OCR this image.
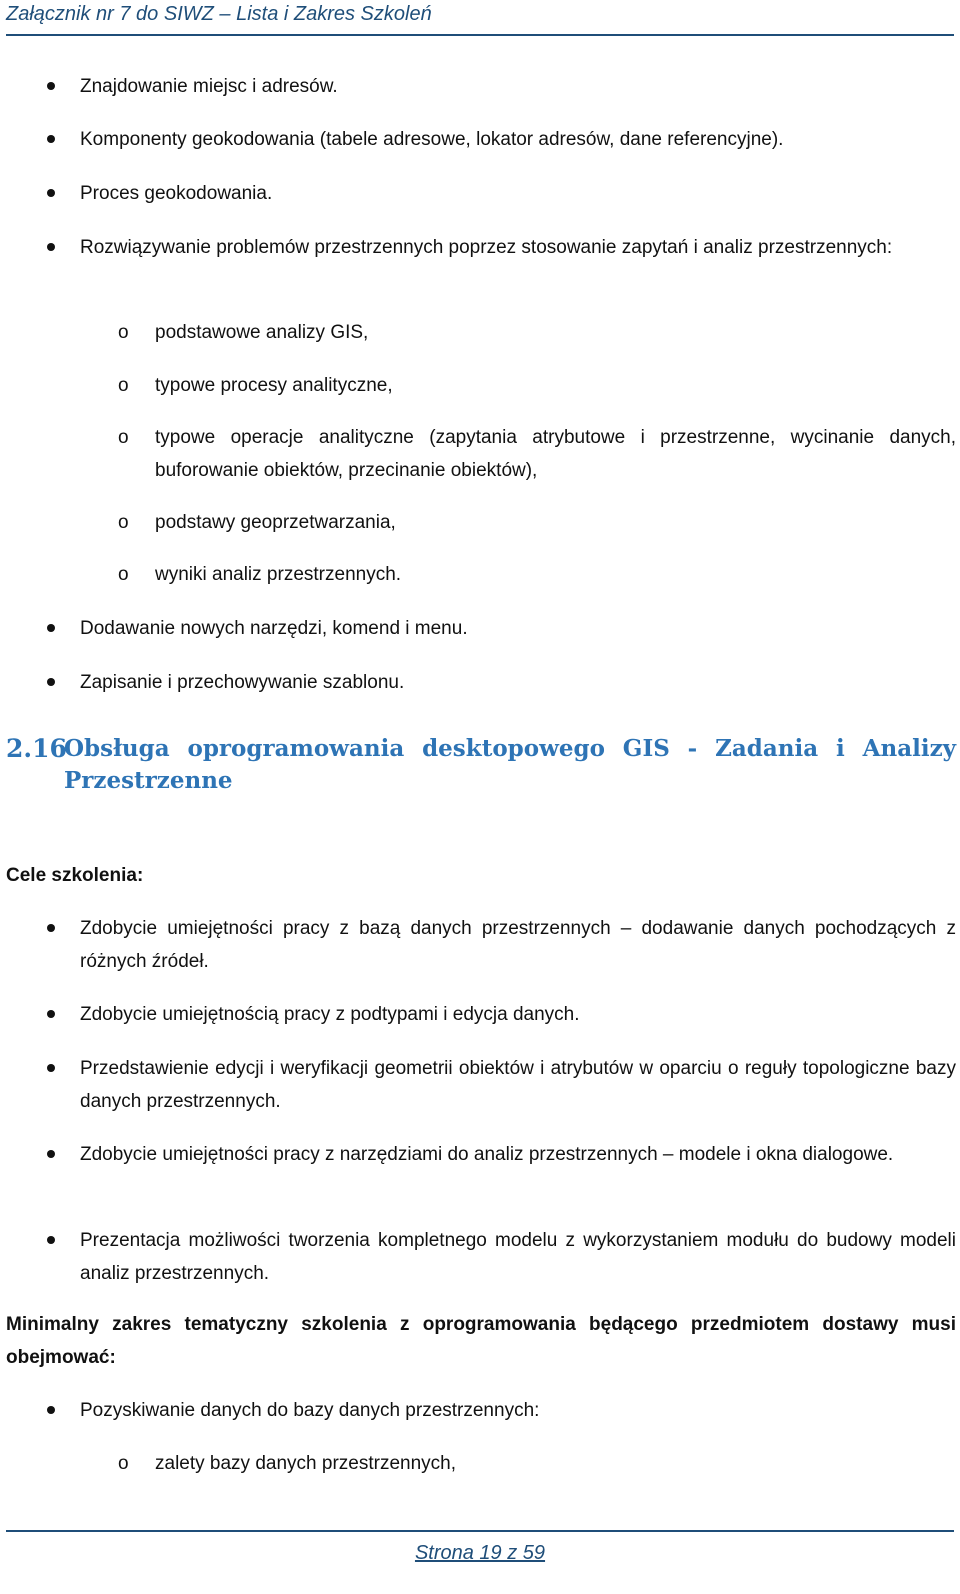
Załącznik nr 7 do SIWZ – Lista i Zakres Szkoleń
Znajdowanie miejsc i adresów.
Komponenty geokodowania (tabele adresowe, lokator adresów, dane referencyjne).
Proces geokodowania.
Rozwiązywanie problemów przestrzennych poprzez stosowanie zapytań i analiz przestrzennych:
o podstawowe analizy GIS,
o typowe procesy analityczne,
o typowe operacje analityczne (zapytania atrybutowe i przestrzenne, wycinanie danych, buforowanie obiektów, przecinanie obiektów),
o podstawy geoprzetwarzania,
o wyniki analiz przestrzennych.
Dodawanie nowych narzędzi, komend i menu.
Zapisanie i przechowywanie szablonu.
2.16
Obsługa oprogramowania desktopowego GIS - Zadania i Analizy Przestrzenne
Cele szkolenia:
Zdobycie umiejętności pracy z bazą danych przestrzennych – dodawanie danych pochodzących z różnych źródeł.
Zdobycie umiejętnością pracy z podtypami i edycja danych.
Przedstawienie edycji i weryfikacji geometrii obiektów i atrybutów w oparciu o reguły topologiczne bazy danych przestrzennych.
Zdobycie umiejętności pracy z narzędziami do analiz przestrzennych – modele i okna dialogowe.
Prezentacja możliwości tworzenia kompletnego modelu z wykorzystaniem modułu do budowy modeli analiz przestrzennych.
Minimalny zakres tematyczny szkolenia z oprogramowania będącego przedmiotem dostawy musi obejmować:
Pozyskiwanie danych do bazy danych przestrzennych:
o zalety bazy danych przestrzennych,
Strona 19 z 59
